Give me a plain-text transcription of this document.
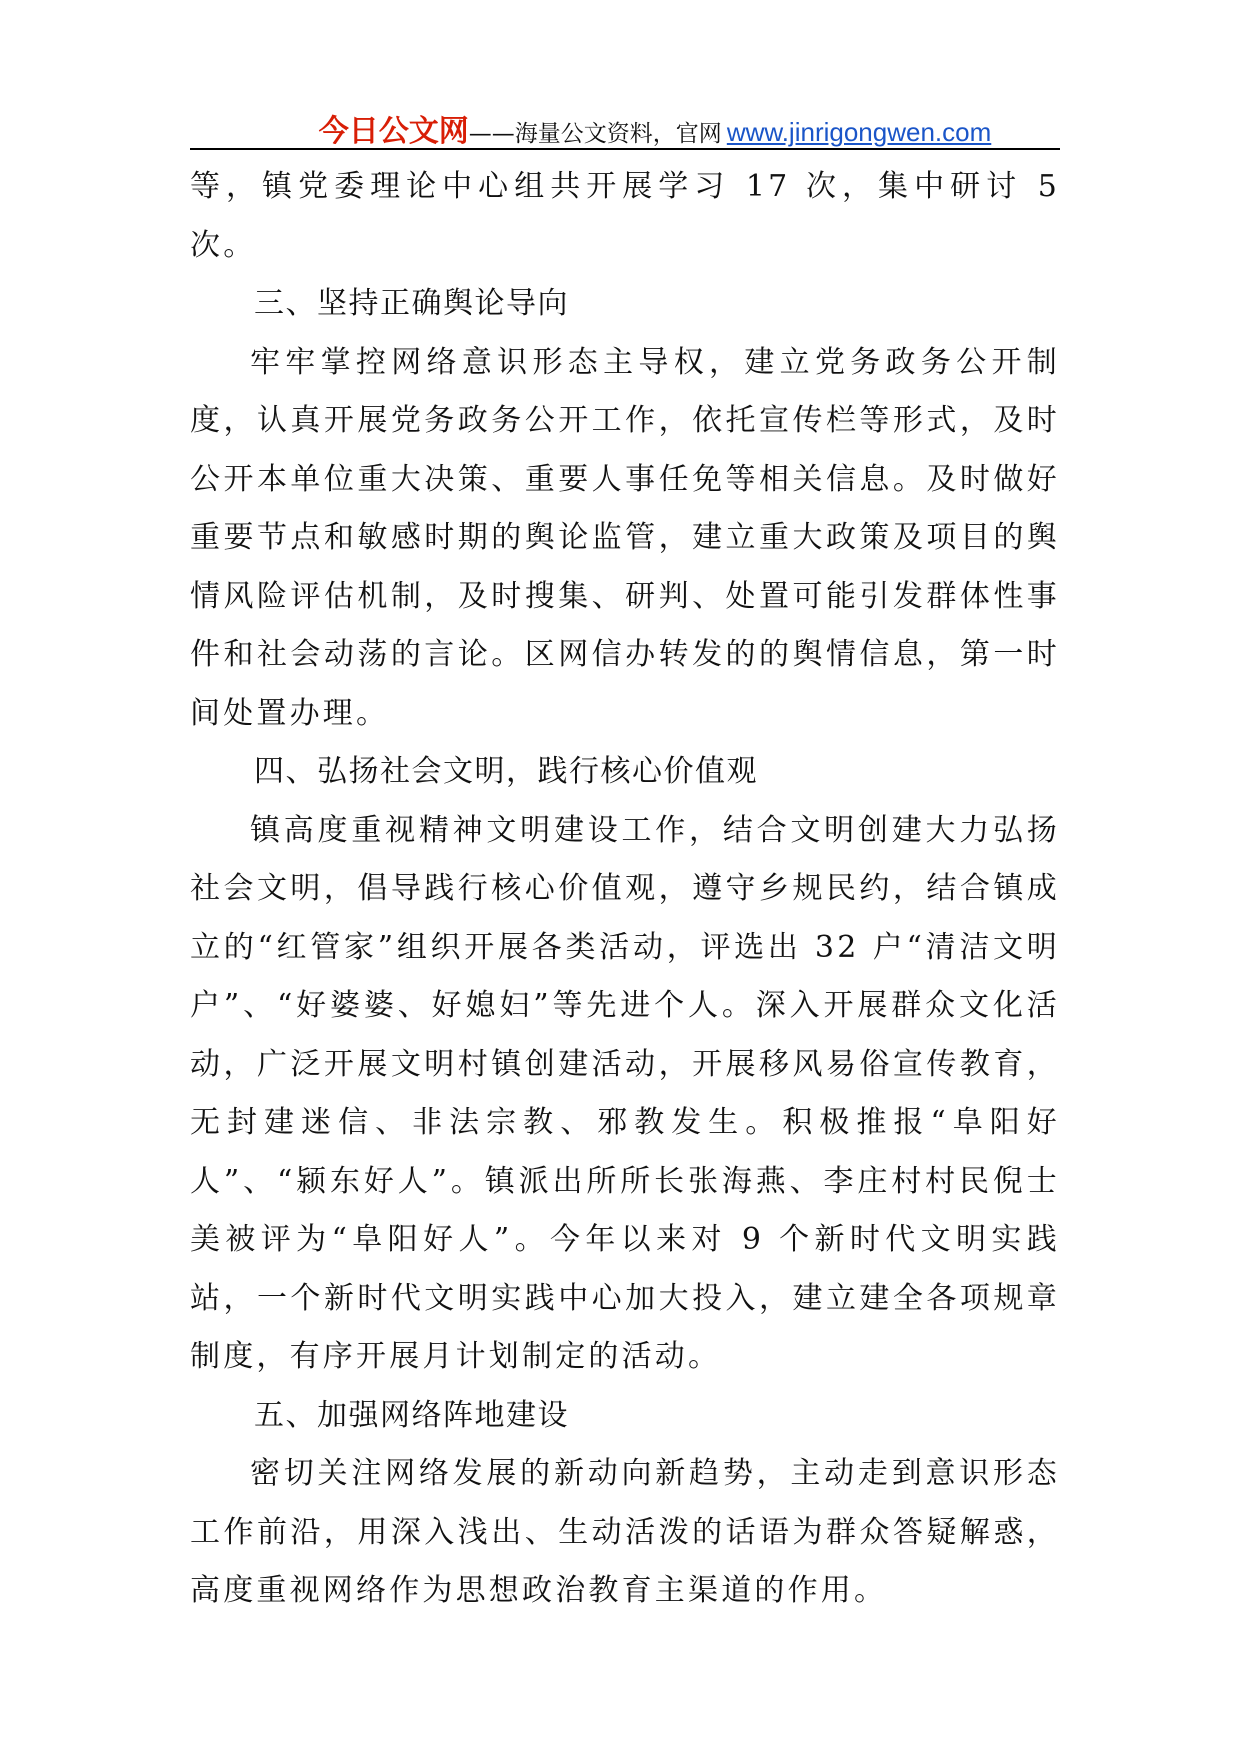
今日公文网——海量公文资料，官网 www.jinrigongwen.com

等，镇党委理论中心组共开展学习 17 次，集中研讨 5 次。

三、坚持正确舆论导向

牢牢掌控网络意识形态主导权，建立党务政务公开制度，认真开展党务政务公开工作，依托宣传栏等形式，及时公开本单位重大决策、重要人事任免等相关信息。及时做好重要节点和敏感时期的舆论监管，建立重大政策及项目的舆情风险评估机制，及时搜集、研判、处置可能引发群体性事件和社会动荡的言论。区网信办转发的的舆情信息，第一时间处置办理。

四、弘扬社会文明，践行核心价值观

镇高度重视精神文明建设工作，结合文明创建大力弘扬社会文明，倡导践行核心价值观，遵守乡规民约，结合镇成立的“红管家”组织开展各类活动，评选出 32 户“清洁文明户”、“好婆婆、好媳妇”等先进个人。深入开展群众文化活动，广泛开展文明村镇创建活动，开展移风易俗宣传教育，无封建迷信、非法宗教、邪教发生。积极推报“阜阳好人”、“颍东好人”。镇派出所所长张海燕、李庄村村民倪士美被评为“阜阳好人”。今年以来对 9 个新时代文明实践站，一个新时代文明实践中心加大投入，建立建全各项规章制度，有序开展月计划制定的活动。

五、加强网络阵地建设

密切关注网络发展的新动向新趋势，主动走到意识形态工作前沿，用深入浅出、生动活泼的话语为群众答疑解惑，高度重视网络作为思想政治教育主渠道的作用。
